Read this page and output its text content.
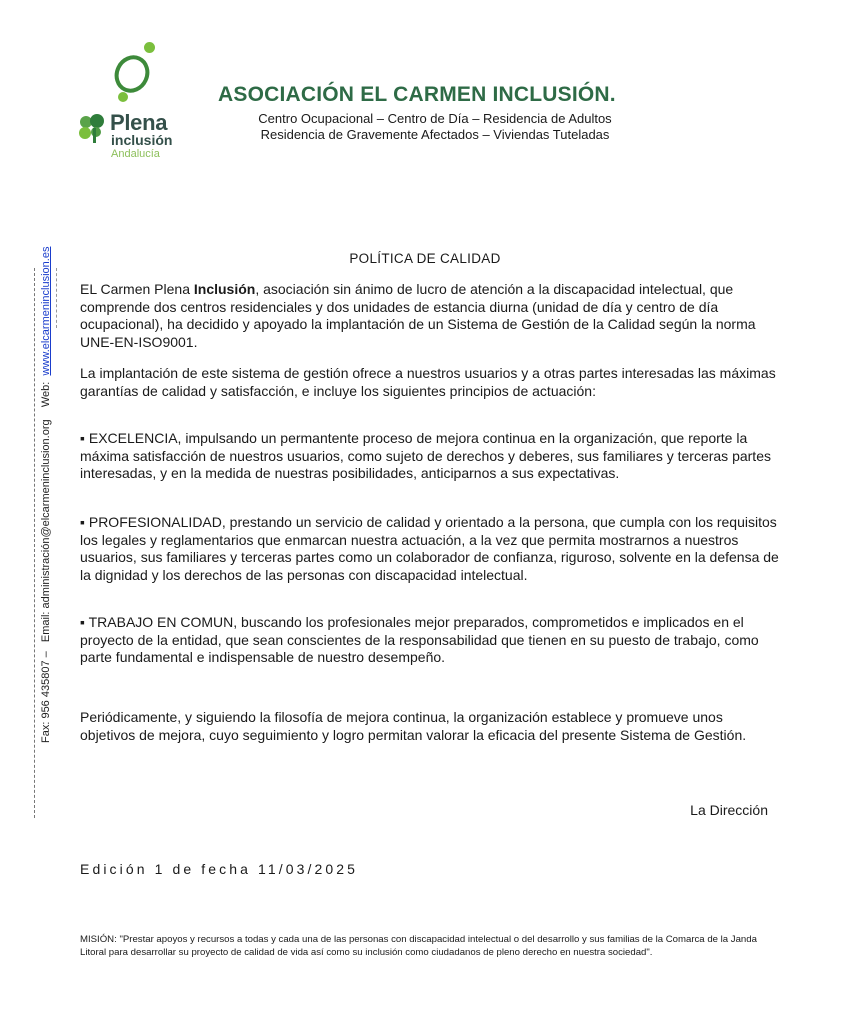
Plena
inclusión
Andalucía
ASOCIACIÓN EL CARMEN INCLUSIÓN.
Centro Ocupacional – Centro de Día – Residencia de Adultos
Residencia de Gravemente Afectados – Viviendas Tuteladas
Fax: 956 435807 –   Email: administración@elcarmeninclusion.org    Web:  www.elcarmeninclusion.es	POLÍTICA DE CALIDAD
EL Carmen Plena Inclusión, asociación sin ánimo de lucro de atención a la discapacidad intelectual, que comprende dos centros residenciales y dos unidades de estancia diurna (unidad de día y centro de día ocupacional), ha decidido y apoyado la implantación de un Sistema de Gestión de la Calidad según la norma UNE-EN-ISO9001.
La implantación de este sistema de gestión ofrece a nuestros usuarios y a otras partes interesadas las máximas garantías de calidad y satisfacción, e incluye los siguientes principios de actuación:
▪ EXCELENCIA, impulsando un permantente proceso de mejora continua en la organización, que reporte la máxima satisfacción de nuestros usuarios, como sujeto de derechos y deberes, sus familiares y terceras partes interesadas, y en la medida de nuestras posibilidades, anticiparnos a sus expectativas.
▪ PROFESIONALIDAD, prestando un servicio de calidad y orientado a la persona, que cumpla con los requisitos los legales y reglamentarios que enmarcan nuestra actuación, a la vez que permita mostrarnos a nuestros usuarios, sus familiares y terceras partes como un colaborador de confianza, riguroso, solvente en la defensa de la dignidad y los derechos de las personas con discapacidad intelectual.
▪ TRABAJO EN COMUN, buscando los profesionales mejor preparados, comprometidos e implicados en el proyecto de la entidad, que sean conscientes de la responsabilidad que tienen en su puesto de trabajo, como parte fundamental e indispensable de nuestro desempeño.
Periódicamente, y siguiendo la filosofía de mejora continua, la organización establece y promueve unos objetivos de mejora, cuyo seguimiento y logro permitan valorar la eficacia del presente Sistema de Gestión.
La Dirección
Edición 1 de fecha 11/03/2025
MISIÓN: "Prestar apoyos y recursos a todas y cada una de las personas con discapacidad intelectual o del desarrollo y sus familias de la Comarca de la Janda Litoral para desarrollar su proyecto de calidad de vida así como su inclusión como ciudadanos de pleno derecho en nuestra sociedad".
